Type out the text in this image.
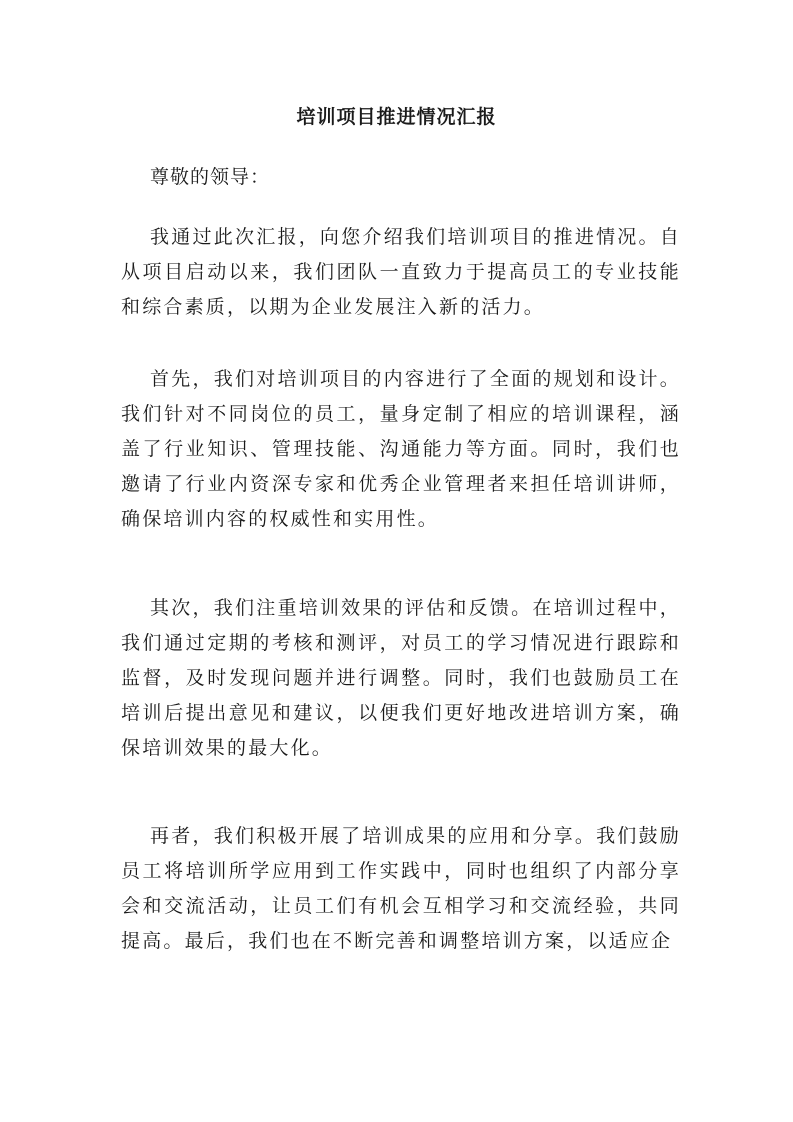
培训项目推进情况汇报
尊敬的领导：

我通过此次汇报，向您介绍我们培训项目的推进情况。自从项目启动以来，我们团队一直致力于提高员工的专业技能和综合素质，以期为企业发展注入新的活力。

首先，我们对培训项目的内容进行了全面的规划和设计。我们针对不同岗位的员工，量身定制了相应的培训课程，涵盖了行业知识、管理技能、沟通能力等方面。同时，我们也邀请了行业内资深专家和优秀企业管理者来担任培训讲师，确保培训内容的权威性和实用性。

其次，我们注重培训效果的评估和反馈。在培训过程中，我们通过定期的考核和测评，对员工的学习情况进行跟踪和监督，及时发现问题并进行调整。同时，我们也鼓励员工在培训后提出意见和建议，以便我们更好地改进培训方案，确保培训效果的最大化。

再者，我们积极开展了培训成果的应用和分享。我们鼓励员工将培训所学应用到工作实践中，同时也组织了内部分享会和交流活动，让员工们有机会互相学习和交流经验，共同提高。最后，我们也在不断完善和调整培训方案，以适应企
